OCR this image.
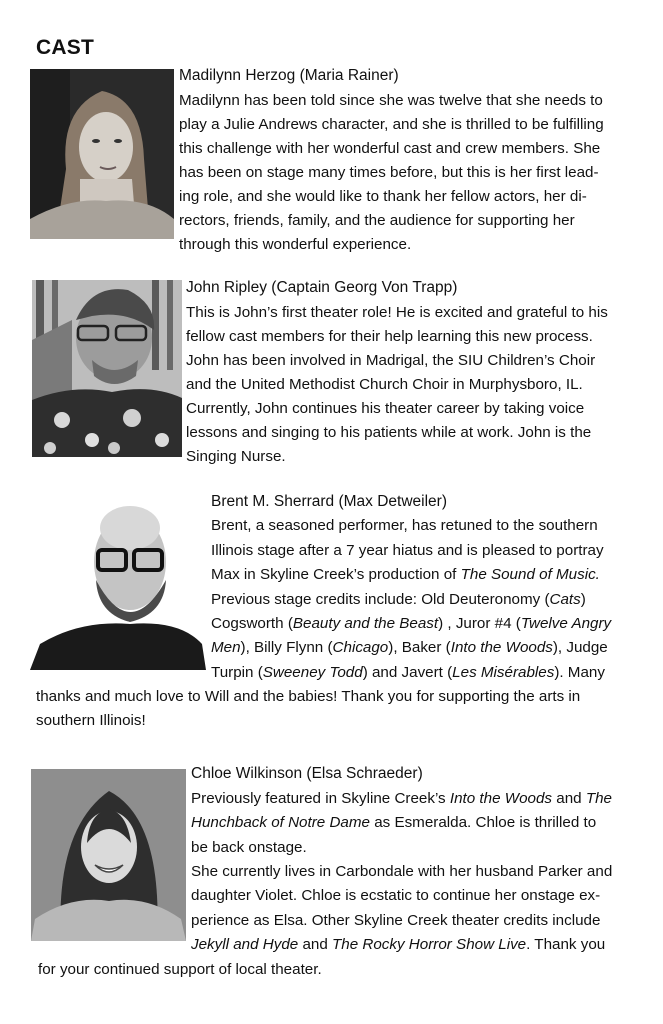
CAST
Madilynn Herzog (Maria Rainer)
Madilynn has been told since she was twelve that she needs to
play a Julie Andrews character, and she is thrilled to be fulfilling
this challenge with her wonderful cast and crew members. She
has been on stage many times before, but this is her first lead-
ing role, and she would like to thank her fellow actors, her di-
rectors, friends, family, and the audience for supporting her
through this wonderful experience.
John Ripley (Captain Georg Von Trapp)
This is John’s first theater role! He is excited and grateful to his
fellow cast members for their help learning this new process.
John has been involved in Madrigal, the SIU Children’s Choir
and the United Methodist Church Choir in Murphysboro, IL.
Currently, John continues his theater career by taking voice
lessons and singing to his patients while at work. John is the
Singing Nurse.
Brent M. Sherrard (Max Detweiler)
Brent, a seasoned performer, has retuned to the southern
Illinois stage after a 7 year hiatus and is pleased to portray
Max in Skyline Creek’s production of The Sound of Music.
Previous stage credits include: Old Deuteronomy (Cats)
Cogsworth (Beauty and the Beast) , Juror #4 (Twelve Angry
Men), Billy Flynn (Chicago), Baker (Into the Woods), Judge
Turpin (Sweeney Todd) and Javert (Les Misérables). Many
thanks and much love to Will and the babies! Thank you for supporting the arts in
southern Illinois!
Chloe Wilkinson (Elsa Schraeder)
Previously featured in Skyline Creek’s Into the Woods and The
Hunchback of Notre Dame as Esmeralda. Chloe is thrilled to
be back onstage.
She currently lives in Carbondale with her husband Parker and
daughter Violet. Chloe is ecstatic to continue her onstage ex-
perience as Elsa. Other Skyline Creek theater credits include
Jekyll and Hyde and The Rocky Horror Show Live. Thank you
for your continued support of local theater.
